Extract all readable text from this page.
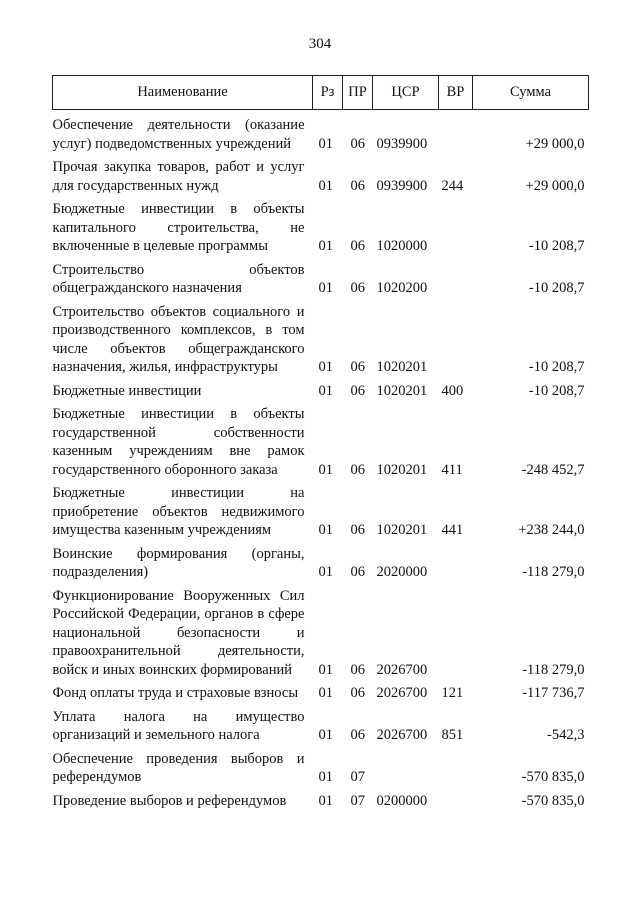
304
Наименование	Рз	ПР	ЦСР	ВР	Сумма
Обеспечение деятельности (оказание услуг) подведомственных учреждений	01	06	0939900		+29 000,0
Прочая закупка товаров, работ и услуг для государственных нужд	01	06	0939900	244	+29 000,0
Бюджетные инвестиции в объекты капитального строительства, не включенные в целевые программы	01	06	1020000		-10 208,7
Строительство объектов общегражданского назначения	01	06	1020200		-10 208,7
Строительство объектов социального и производственного комплексов, в том числе объектов общегражданского назначения, жилья, инфраструктуры	01	06	1020201		-10 208,7
Бюджетные инвестиции	01	06	1020201	400	-10 208,7
Бюджетные инвестиции в объекты государственной собственности казенным учреждениям вне рамок государственного оборонного заказа	01	06	1020201	411	-248 452,7
Бюджетные инвестиции на приобретение объектов недвижимого имущества казенным учреждениям	01	06	1020201	441	+238 244,0
Воинские формирования (органы, подразделения)	01	06	2020000		-118 279,0
Функционирование Вооруженных Сил Российской Федерации, органов в сфере национальной безопасности и правоохранительной деятельности, войск и иных воинских формирований	01	06	2026700		-118 279,0
Фонд оплаты труда и страховые взносы	01	06	2026700	121	-117 736,7
Уплата налога на имущество организаций и земельного налога	01	06	2026700	851	-542,3
Обеспечение проведения выборов и референдумов	01	07			-570 835,0
Проведение выборов и референдумов	01	07	0200000		-570 835,0
